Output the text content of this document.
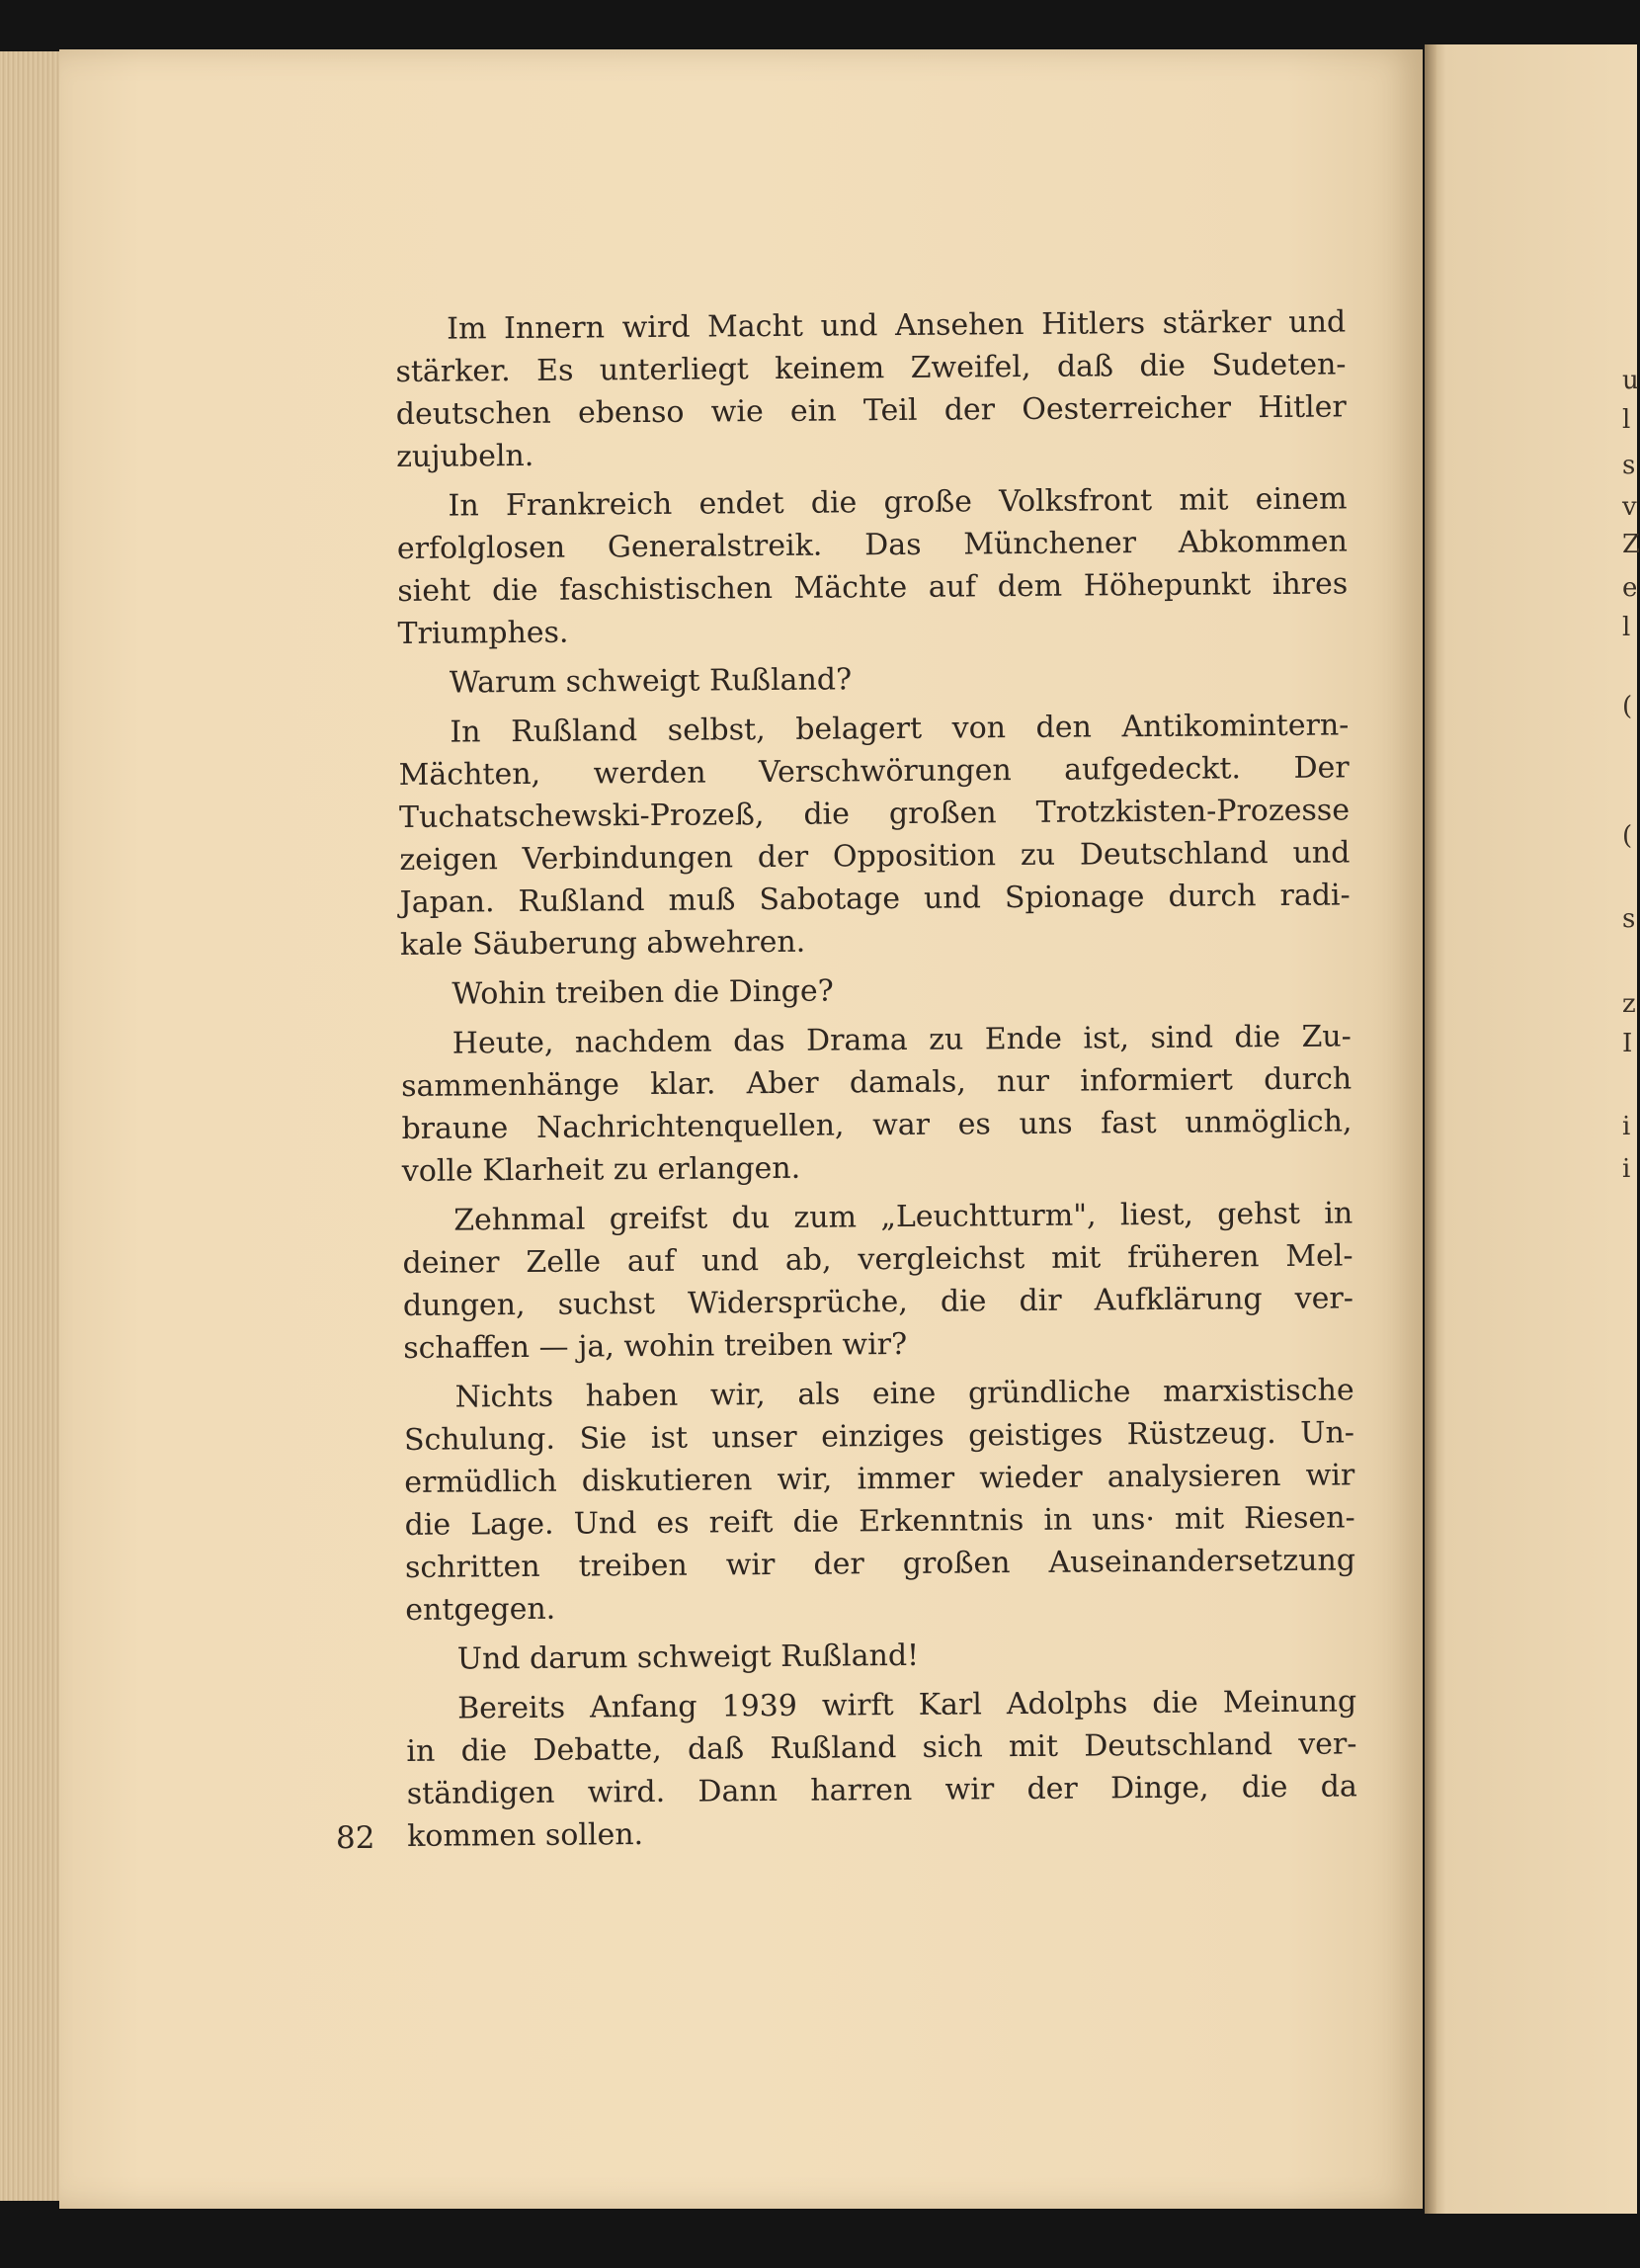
Im Innern wird Macht und Ansehen Hitlers stärker und
stärker. Es unterliegt keinem Zweifel, daß die Sudeten-
deutschen ebenso wie ein Teil der Oesterreicher Hitler
zujubeln.

In Frankreich endet die große Volksfront mit einem
erfolglosen Generalstreik. Das Münchener Abkommen
sieht die faschistischen Mächte auf dem Höhepunkt ihres
Triumphes.

Warum schweigt Rußland?

In Rußland selbst, belagert von den Antikomintern-
Mächten, werden Verschwörungen aufgedeckt. Der
Tuchatschewski-Prozeß, die großen Trotzkisten-Prozesse
zeigen Verbindungen der Opposition zu Deutschland und
Japan. Rußland muß Sabotage und Spionage durch radi-
kale Säuberung abwehren.

Wohin treiben die Dinge?

Heute, nachdem das Drama zu Ende ist, sind die Zu-
sammenhänge klar. Aber damals, nur informiert durch
braune Nachrichtenquellen, war es uns fast unmöglich,
volle Klarheit zu erlangen.

Zehnmal greifst du zum „Leuchtturm", liest, gehst in
deiner Zelle auf und ab, vergleichst mit früheren Mel-
dungen, suchst Widersprüche, die dir Aufklärung ver-
schaffen — ja, wohin treiben wir?

Nichts haben wir, als eine gründliche marxistische
Schulung. Sie ist unser einziges geistiges Rüstzeug. Un-
ermüdlich diskutieren wir, immer wieder analysieren wir
die Lage. Und es reift die Erkenntnis in uns· mit Riesen-
schritten treiben wir der großen Auseinandersetzung
entgegen.

Und darum schweigt Rußland!

Bereits Anfang 1939 wirft Karl Adolphs die Meinung
in die Debatte, daß Rußland sich mit Deutschland ver-
ständigen wird. Dann harren wir der Dinge, die da
kommen sollen.

82
u
l
s
v
Z
e
l
(
(
s
z
I
i
i
